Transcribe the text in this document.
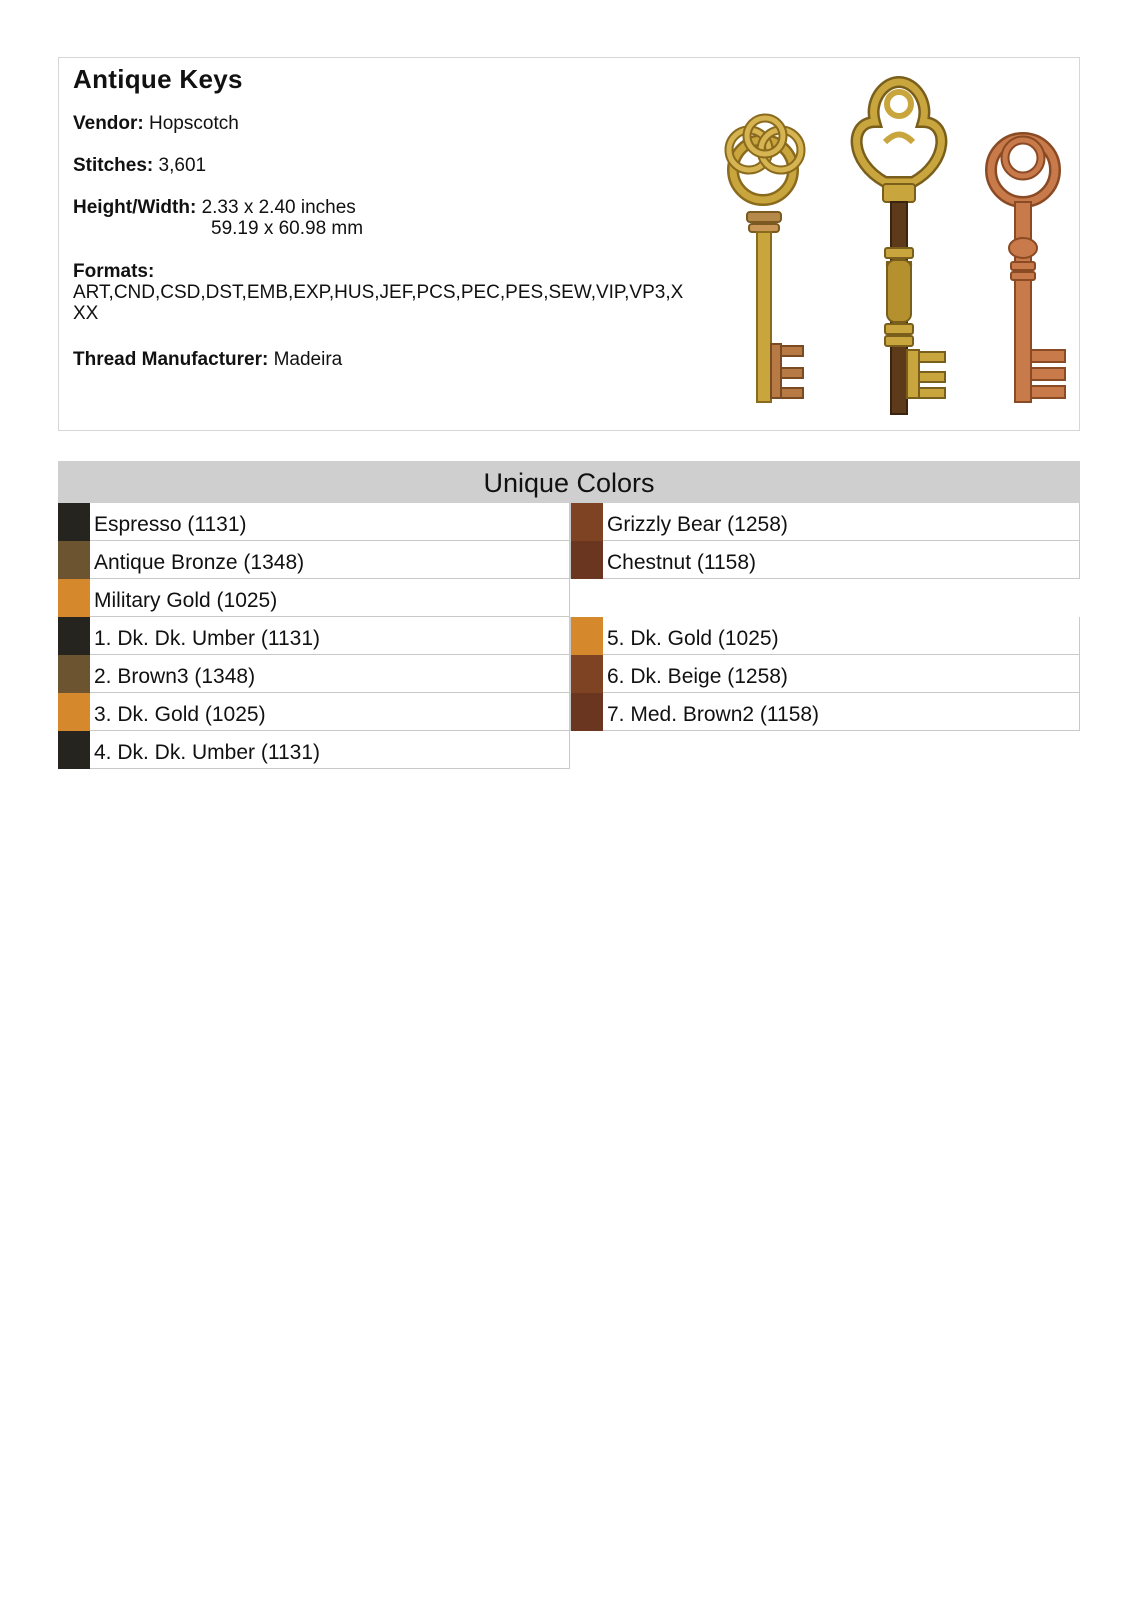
Antique Keys
Vendor: Hopscotch
Stitches: 3,601
Height/Width: 2.33 x 2.40 inches
59.19 x 60.98 mm
Formats:
ART,CND,CSD,DST,EMB,EXP,HUS,JEF,PCS,PEC,PES,SEW,VIP,VP3,XXX
Thread Manufacturer: Madeira
Unique Colors
Espresso (1131)
Antique Bronze (1348)
Military Gold (1025)
Grizzly Bear (1258)
Chestnut (1158)
1. Dk. Dk. Umber (1131)
2. Brown3 (1348)
3. Dk. Gold (1025)
4. Dk. Dk. Umber (1131)
5. Dk. Gold (1025)
6. Dk. Beige (1258)
7. Med. Brown2 (1158)
